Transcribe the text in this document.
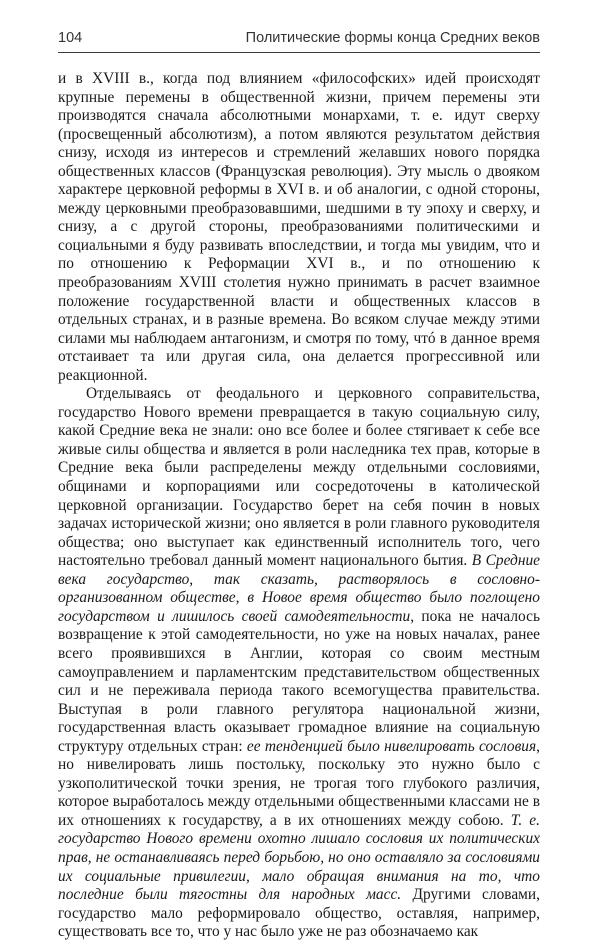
104	Политические формы конца Средних веков

и в XVIII в., когда под влиянием «философских» идей происходят крупные перемены в общественной жизни, причем перемены эти производятся сначала абсолютными монархами, т. е. идут сверху (просвещенный абсолютизм), а потом являются результатом действия снизу, исходя из интересов и стремлений желавших нового порядка общественных классов (Французская революция). Эту мысль о двояком характере церковной реформы в XVI в. и об аналогии, с одной стороны, между церковными преобразовавшими, шедшими в ту эпоху и сверху, и снизу, а с другой стороны, преобразованиями политическими и социальными я буду развивать впоследствии, и тогда мы увидим, что и по отношению к Реформации XVI в., и по отношению к преобразованиям XVIII столетия нужно принимать в расчет взаимное положение государственной власти и общественных классов в отдельных странах, и в разные времена. Во всяком случае между этими силами мы наблюдаем антагонизм, и смотря по тому, чтó в данное время отстаивает та или другая сила, она делается прогрессивной или реакционной.

Отделываясь от феодального и церковного соправительства, государство Нового времени превращается в такую социальную силу, какой Средние века не знали: оно все более и более стягивает к себе все живые силы общества и является в роли наследника тех прав, которые в Средние века были распределены между отдельными сословиями, общинами и корпорациями или сосредоточены в католической церковной организации. Государство берет на себя почин в новых задачах исторической жизни; оно является в роли главного руководителя общества; оно выступает как единственный исполнитель того, чего настоятельно требовал данный момент национального бытия. В Средние века государство, так сказать, растворялось в сословно-организованном обществе, в Новое время общество было поглощено государством и лишилось своей самодеятельности, пока не началось возвращение к этой самодеятельности, но уже на новых началах, ранее всего проявившихся в Англии, которая со своим местным самоуправлением и парламентским представительством общественных сил и не переживала периода такого всемогущества правительства. Выступая в роли главного регулятора национальной жизни, государственная власть оказывает громадное влияние на социальную структуру отдельных стран: ее тенденцией было нивелировать сословия, но нивелировать лишь постольку, поскольку это нужно было с узкополитической точки зрения, не трогая того глубокого различия, которое выработалось между отдельными общественными классами не в их отношениях к государству, а в их отношениях между собою. Т. е. государство Нового времени охотно лишало сословия их политических прав, не останавливаясь перед борьбою, но оно оставляло за сословиями их социальные привилегии, мало обращая внимания на то, что последние были тягостны для народных масс. Другими словами, государство мало реформировало общество, оставляя, например, существовать все то, что у нас было уже не раз обозначаемо как
